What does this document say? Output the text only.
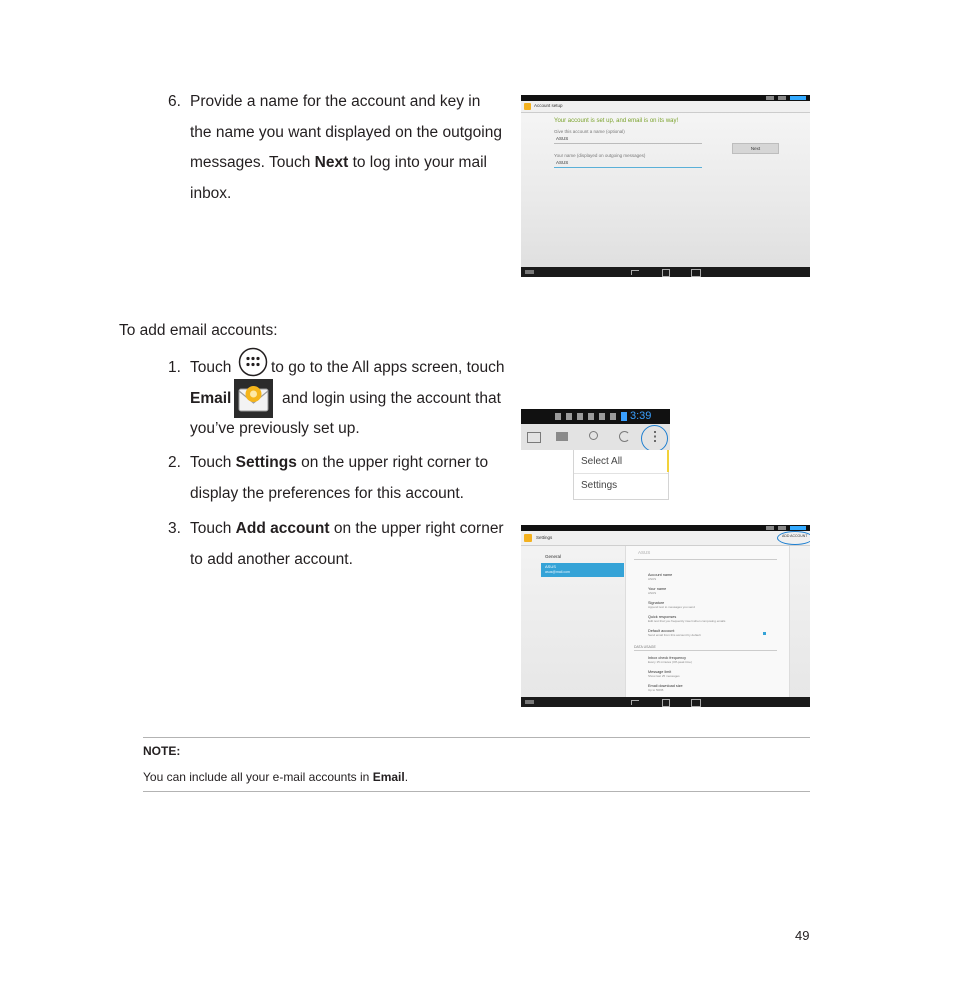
6. Provide a name for the account and key in
the name you want displayed on the outgoing
messages. Touch Next to log into your mail
inbox.
Account setup
Your account is set up, and email is on its way!
Give this account a name (optional)
ASUS
Your name (displayed on outgoing messages)
ASUS
Next
To add email accounts:
1. Touch	to go to the All apps screen, touch
Email	and login using the account that
you’ve previously set up.
2. Touch Settings on the upper right corner to
display the preferences for this account.
3:39
Select All
Settings
3. Touch Add account on the upper right corner
to add another account.
Settings	ADD ACCOUNT
General
ASUS
asus@mail.com
ASUS
Account name
ASUS
Your name
ASUS
Signature
Append text to messages you send
Quick responses
Edit text that you frequently insert when composing emails
Default account
Send email from this account by default
DATA USAGE
Inbox check frequency
Every 15 minutes (Off-peak time)
Message limit
Show last 25 messages
Email download size
Up to 50KB
NOTE:
You can include all your e-mail accounts in Email.
49
